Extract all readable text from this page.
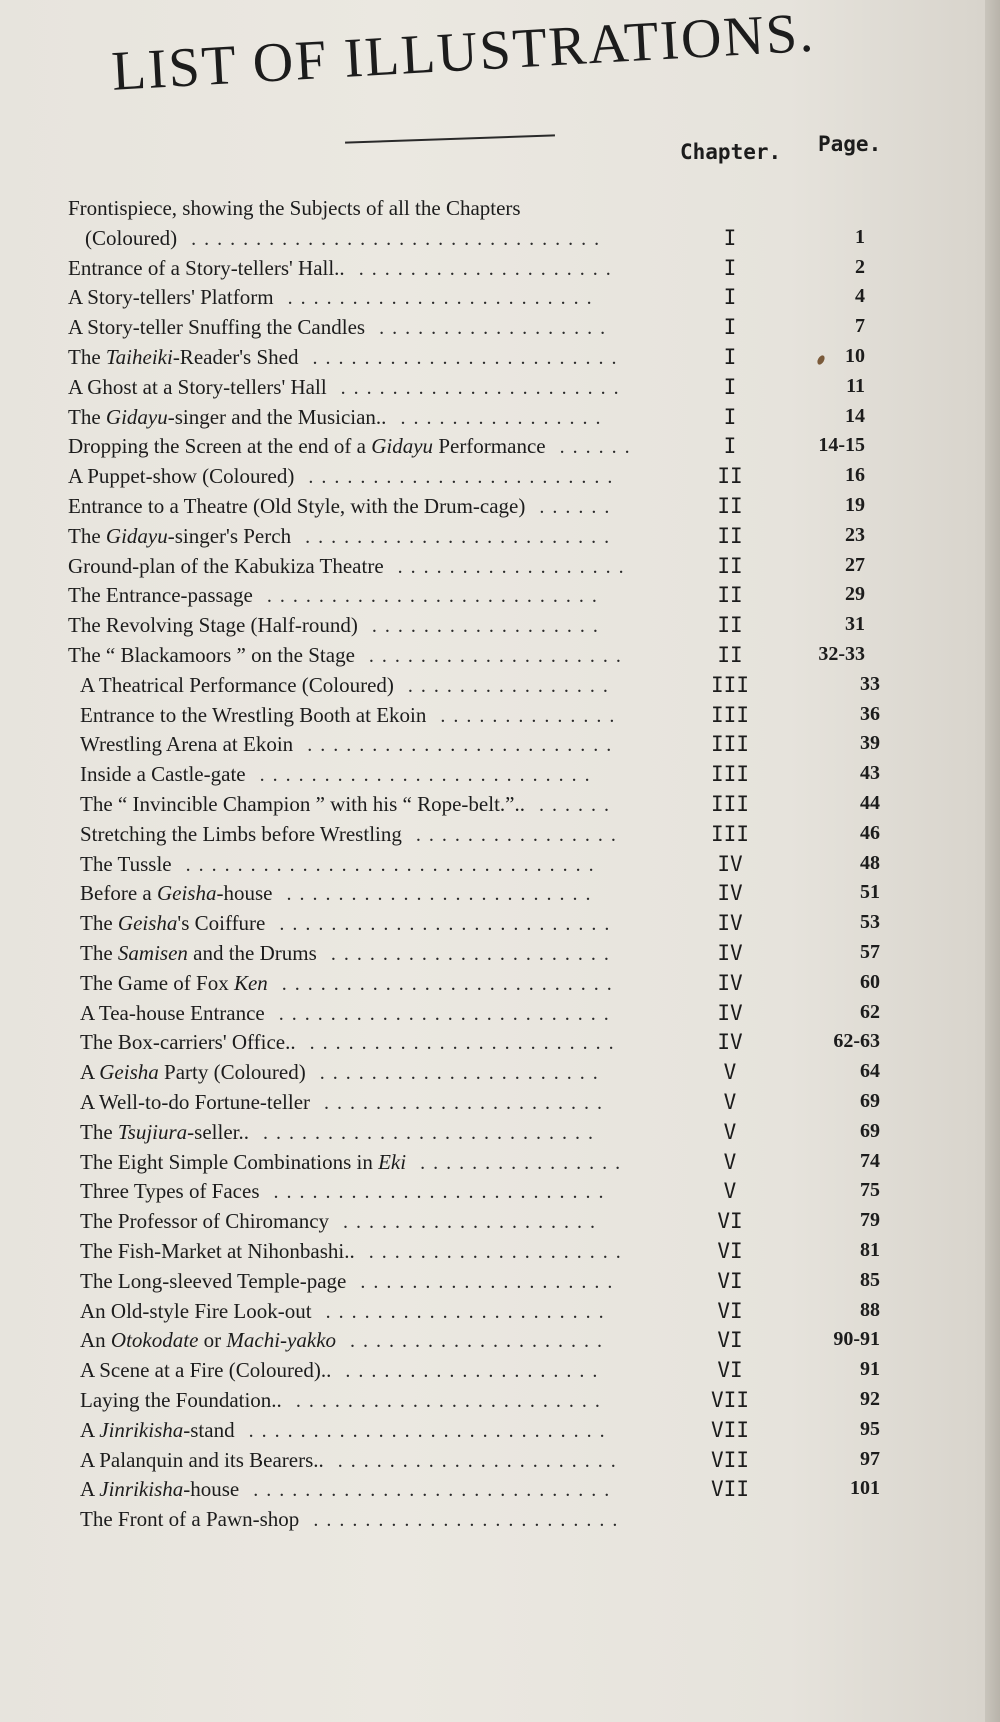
LIST OF ILLUSTRATIONS.
Chapter. Page.
Frontispiece, showing the Subjects of all the Chapters
(Coloured) ................................	I	1
Entrance of a Story-tellers' Hall.. ....................	I	2
A Story-tellers' Platform ........................	I	4
A Story-teller Snuffing the Candles ..................	I	7
The Taiheiki-Reader's Shed ........................	I	10
A Ghost at a Story-tellers' Hall ......................	I	11
The Gidayu-singer and the Musician.. ................	I	14
Dropping the Screen at the end of a Gidayu Performance ......	I	14-15
A Puppet-show (Coloured) ........................	II	16
Entrance to a Theatre (Old Style, with the Drum-cage) ......	II	19
The Gidayu-singer's Perch ........................	II	23
Ground-plan of the Kabukiza Theatre ..................	II	27
The Entrance-passage ..........................	II	29
The Revolving Stage (Half-round) ..................	II	31
The “ Blackamoors ” on the Stage ....................	II	32-33
A Theatrical Performance (Coloured) ................	III	33
Entrance to the Wrestling Booth at Ekoin ..............	III	36
Wrestling Arena at Ekoin ........................	III	39
Inside a Castle-gate ..........................	III	43
The “ Invincible Champion ” with his “ Rope-belt.”.. ......	III	44
Stretching the Limbs before Wrestling ................	III	46
The Tussle ................................	IV	48
Before a Geisha-house ........................	IV	51
The Geisha's Coiffure ..........................	IV	53
The Samisen and the Drums ......................	IV	57
The Game of Fox Ken ..........................	IV	60
A Tea-house Entrance ..........................	IV	62
The Box-carriers' Office.. ........................	IV	62-63
A Geisha Party (Coloured) ......................	V	64
A Well-to-do Fortune-teller ......................	V	69
The Tsujiura-seller.. ..........................	V	69
The Eight Simple Combinations in Eki ................	V	74
Three Types of Faces ..........................	V	75
The Professor of Chiromancy ....................	VI	79
The Fish-Market at Nihonbashi.. ....................	VI	81
The Long-sleeved Temple-page ....................	VI	85
An Old-style Fire Look-out ......................	VI	88
An Otokodate or Machi-yakko ....................	VI	90-91
A Scene at a Fire (Coloured).. ....................	VI	91
Laying the Foundation.. ........................	VII	92
A Jinrikisha-stand ............................	VII	95
A Palanquin and its Bearers.. ......................	VII	97
A Jinrikisha-house ............................	VII	101
The Front of a Pawn-shop ........................
